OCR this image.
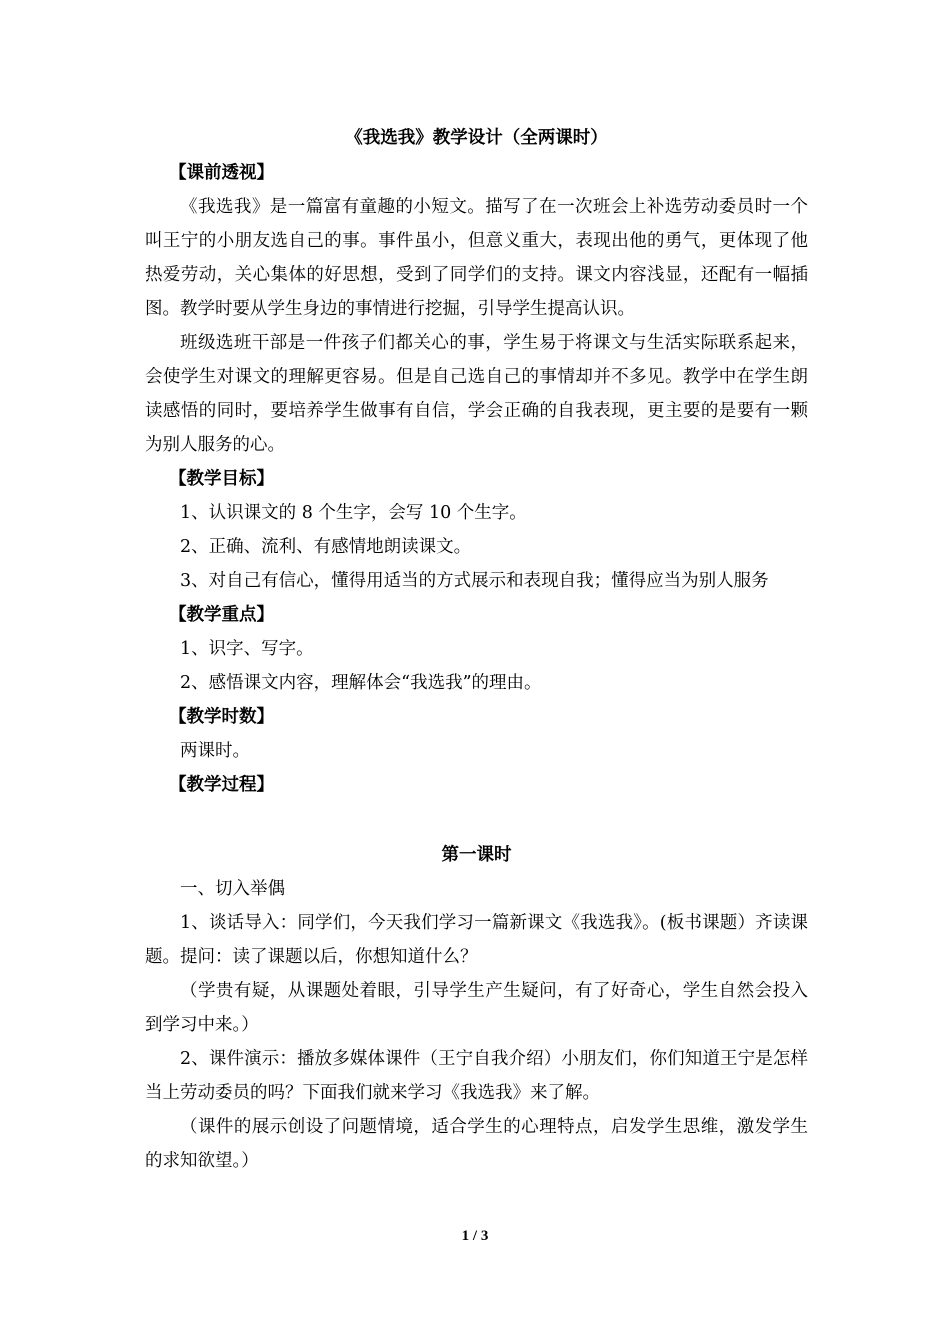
《我选我》教学设计（全两课时）
【课前透视】

《我选我》是一篇富有童趣的小短文。描写了在一次班会上补选劳动委员时一个叫王宁的小朋友选自己的事。事件虽小，但意义重大，表现出他的勇气，更体现了他热爱劳动，关心集体的好思想，受到了同学们的支持。课文内容浅显，还配有一幅插图。教学时要从学生身边的事情进行挖掘，引导学生提高认识。

班级选班干部是一件孩子们都关心的事，学生易于将课文与生活实际联系起来，会使学生对课文的理解更容易。但是自己选自己的事情却并不多见。教学中在学生朗读感悟的同时，要培养学生做事有自信，学会正确的自我表现，更主要的是要有一颗为别人服务的心。

【教学目标】
1、认识课文的 8 个生字，会写 10 个生字。
2、正确、流利、有感情地朗读课文。
3、对自己有信心，懂得用适当的方式展示和表现自我；懂得应当为别人服务
【教学重点】
1、识字、写字。
2、感悟课文内容，理解体会“我选我”的理由。
【教学时数】
两课时。
【教学过程】
第一课时
一、切入举偶

1、谈话导入：同学们，今天我们学习一篇新课文《我选我》。(板书课题）齐读课题。提问：读了课题以后，你想知道什么？

（学贵有疑，从课题处着眼，引导学生产生疑问，有了好奇心，学生自然会投入到学习中来。）

2、课件演示：播放多媒体课件（王宁自我介绍）小朋友们，你们知道王宁是怎样当上劳动委员的吗？下面我们就来学习《我选我》来了解。

（课件的展示创设了问题情境，适合学生的心理特点，启发学生思维，激发学生的求知欲望。）

1 / 3
